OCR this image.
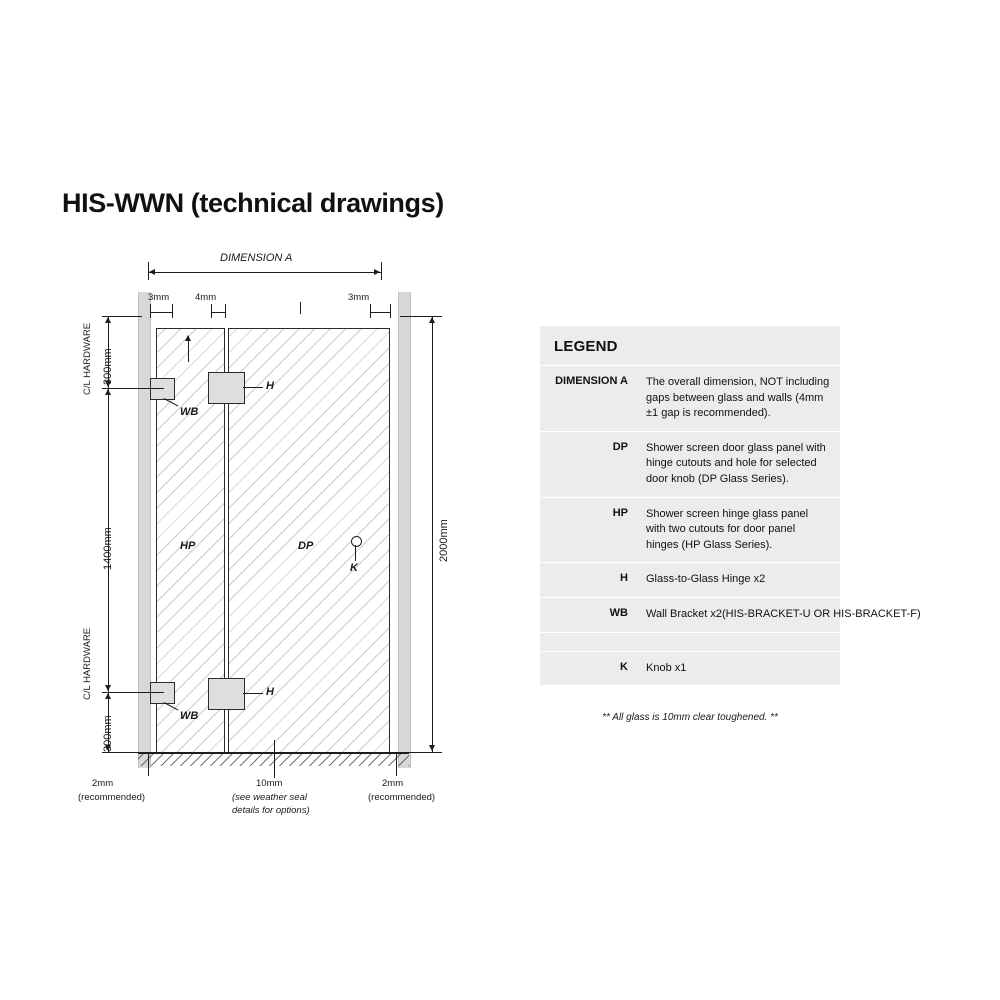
HIS-WWN (technical drawings)
DIMENSION A
3mm	4mm	3mm
HP	DP
H
WB
H
WB
K
2000mm
C/L HARDWARE 300mm
1400mm
C/L HARDWARE
300mm
2mm
(recommended)
10mm
(see weather seal
details for options)
2mm
(recommended)
LEGEND
DIMENSION A	The overall dimension, NOT including gaps between glass and walls (4mm ±1 gap is recommended).
DP	Shower screen door glass panel with hinge cutouts and hole for selected door knob (DP Glass Series).
HP	Shower screen hinge glass panel with two cutouts for door panel hinges (HP Glass Series).
H	Glass-to-Glass Hinge x2
WB	Wall Bracket x2(HIS-BRACKET-U OR HIS-BRACKET-F)
K	Knob x1
** All glass is 10mm clear toughened. **
